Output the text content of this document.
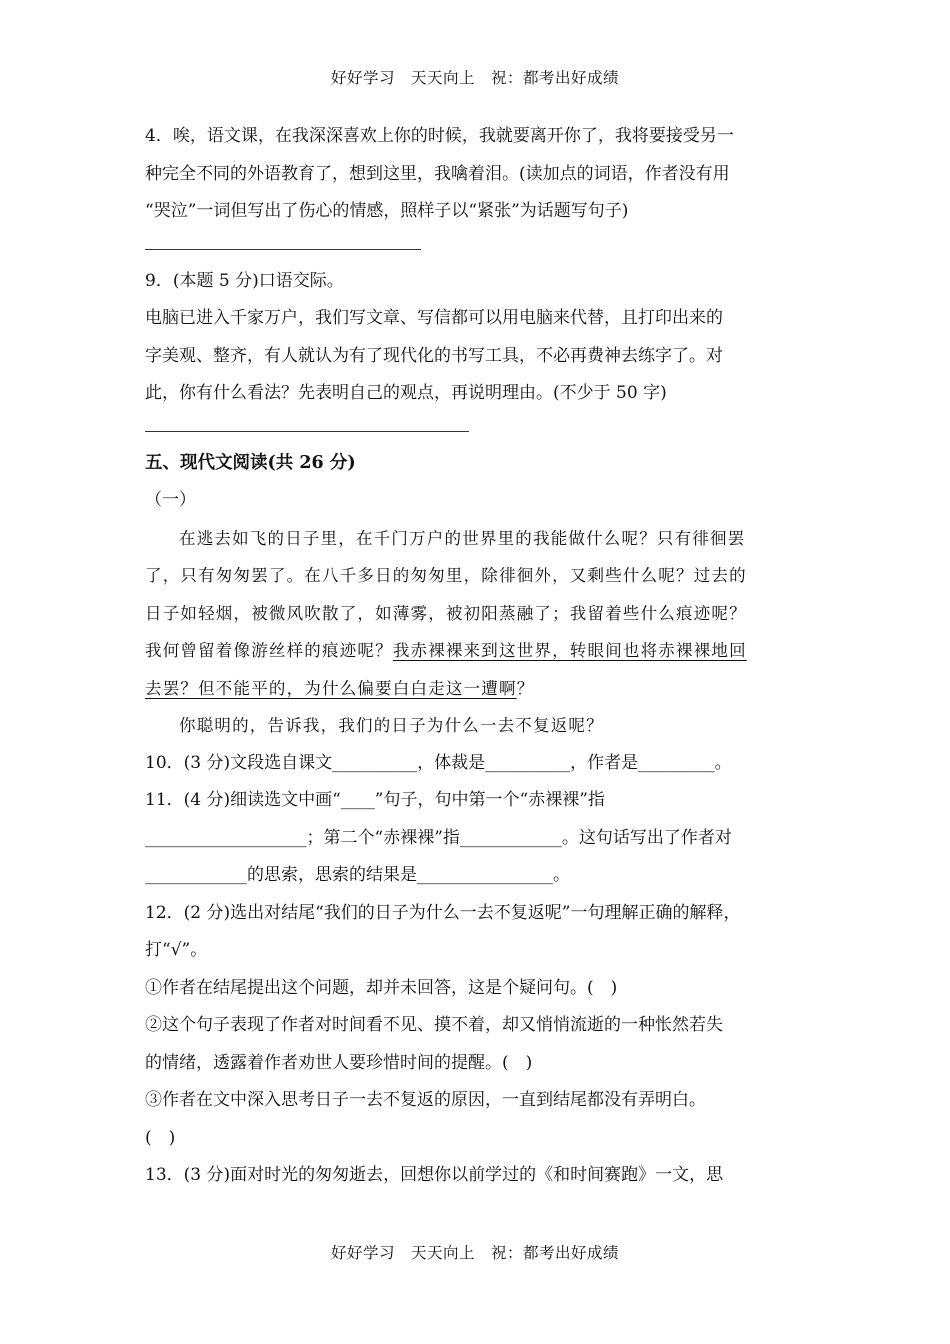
好好学习　天天向上　祝：都考出好成绩

4．唉，语文课，在我深深喜欢上你的时候，我就要离开你了，我将要接受另一

种完全不同的外语教育了，想到这里，我噙着泪。(读加点的词语，作者没有用

“哭泣”一词但写出了伤心的情感，照样子以“紧张”为话题写句子)

9．(本题 5 分)口语交际。

电脑已进入千家万户，我们写文章、写信都可以用电脑来代替，且打印出来的

字美观、整齐，有人就认为有了现代化的书写工具，不必再费神去练字了。对

此，你有什么看法？先表明自己的观点，再说明理由。(不少于 50 字)

五、现代文阅读(共 26 分)

（一）

在逃去如飞的日子里，在千门万户的世界里的我能做什么呢？只有徘徊罢

了，只有匆匆罢了。在八千多日的匆匆里，除徘徊外，又剩些什么呢？过去的

日子如轻烟，被微风吹散了，如薄雾，被初阳蒸融了；我留着些什么痕迹呢？

我何曾留着像游丝样的痕迹呢？我赤裸裸来到这世界，转眼间也将赤裸裸地回

去罢？但不能平的，为什么偏要白白走这一遭啊？

你聪明的，告诉我，我们的日子为什么一去不复返呢？

10．(3 分)文段选自课文__________，体裁是__________，作者是_________。

11．(4 分)细读选文中画“____”句子，句中第一个“赤裸裸”指

___________________；第二个“赤裸裸”指____________。这句话写出了作者对

____________的思索，思索的结果是________________。

12．(2 分)选出对结尾“我们的日子为什么一去不复返呢”一句理解正确的解释，

打“√”。

①作者在结尾提出这个问题，却并未回答，这是个疑问句。(　)

②这个句子表现了作者对时间看不见、摸不着，却又悄悄流逝的一种怅然若失

的情绪，透露着作者劝世人要珍惜时间的提醒。(　)

③作者在文中深入思考日子一去不复返的原因，一直到结尾都没有弄明白。

(　)

13．(3 分)面对时光的匆匆逝去，回想你以前学过的《和时间赛跑》一文，思

好好学习　天天向上　祝：都考出好成绩
